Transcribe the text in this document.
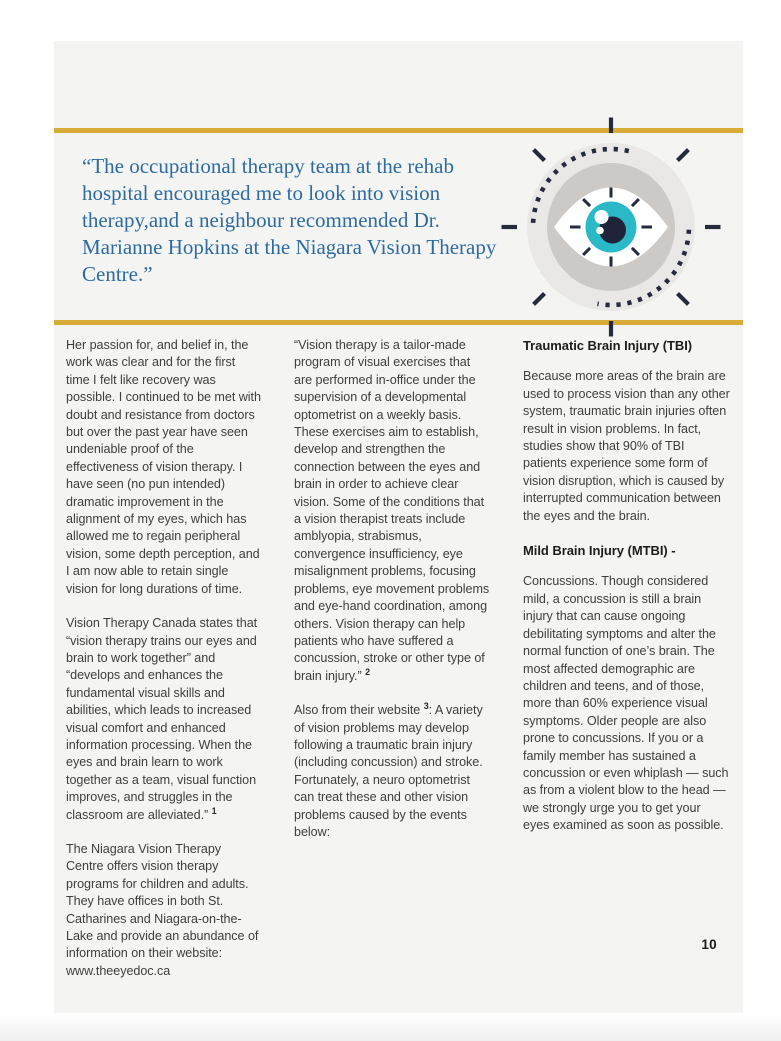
“The occupational therapy team at the rehab hospital encouraged me to look into vision therapy,and a neighbour recommended Dr. Marianne Hopkins at the Niagara Vision Therapy Centre.”

Her passion for, and belief in, the work was clear and for the first time I felt like recovery was possible. I continued to be met with doubt and resistance from doctors but over the past year have seen undeniable proof of the effectiveness of vision therapy. I have seen (no pun intended) dramatic improvement in the alignment of my eyes, which has allowed me to regain peripheral vision, some depth perception, and I am now able to retain single vision for long durations of time.

Vision Therapy Canada states that “vision therapy trains our eyes and brain to work together” and “develops and enhances the fundamental visual skills and abilities, which leads to increased visual comfort and enhanced information processing. When the eyes and brain learn to work together as a team, visual function improves, and struggles in the classroom are alleviated.” $^1$

The Niagara Vision Therapy Centre offers vision therapy programs for children and adults. They have offices in both St. Catharines and Niagara-on-the-Lake and provide an abundance of information on their website: www.theeyedoc.ca

“Vision therapy is a tailor-made program of visual exercises that are performed in-office under the supervision of a developmental optometrist on a weekly basis. These exercises aim to establish, develop and strengthen the connection between the eyes and brain in order to achieve clear vision. Some of the conditions that a vision therapist treats include amblyopia, strabismus, convergence insufficiency, eye misalignment problems, focusing problems, eye movement problems and eye-hand coordination, among others. Vision therapy can help patients who have suffered a concussion, stroke or other type of brain injury.” $^2$

Also from their website $^3$: A variety of vision problems may develop following a traumatic brain injury (including concussion) and stroke. Fortunately, a neuro optometrist can treat these and other vision problems caused by the events below:

Traumatic Brain Injury (TBI)

Because more areas of the brain are used to process vision than any other system, traumatic brain injuries often result in vision problems. In fact, studies show that 90% of TBI patients experience some form of vision disruption, which is caused by interrupted communication between the eyes and the brain.

Mild Brain Injury (MTBI) -

Concussions. Though considered mild, a concussion is still a brain injury that can cause ongoing debilitating symptoms and alter the normal function of one’s brain. The most affected demographic are children and teens, and of those, more than 60% experience visual symptoms. Older people are also prone to concussions. If you or a family member has sustained a concussion or even whiplash — such as from a violent blow to the head — we strongly urge you to get your eyes examined as soon as possible.

10
